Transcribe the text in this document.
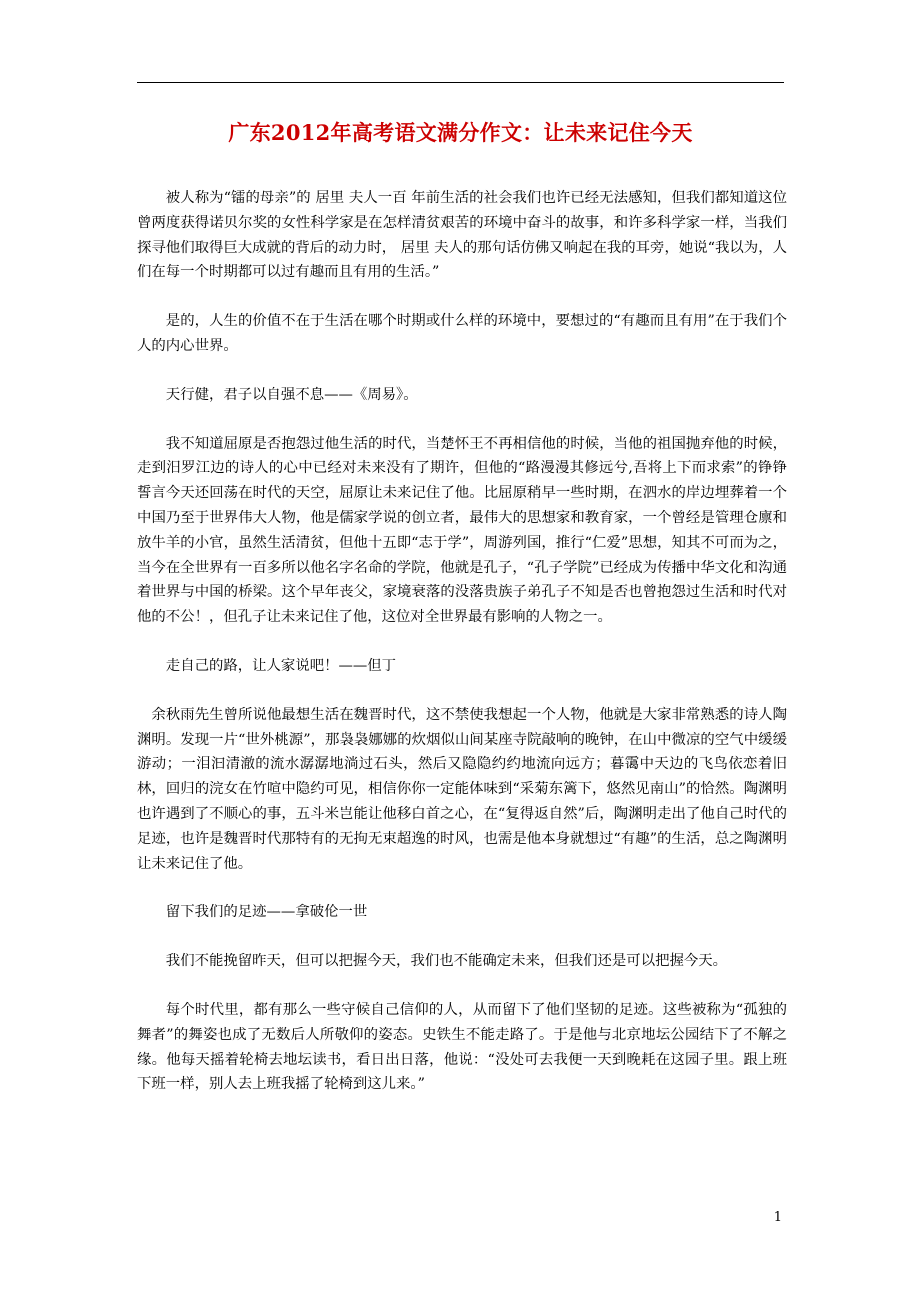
广东2012年高考语文满分作文：让未来记住今天

被人称为“镭的母亲”的 居里 夫人一百 年前生活的社会我们也许已经无法感知，但我们都知道这位曾两度获得诺贝尔奖的女性科学家是在怎样清贫艰苦的环境中奋斗的故事，和许多科学家一样，当我们探寻他们取得巨大成就的背后的动力时， 居里 夫人的那句话仿佛又响起在我的耳旁，她说“我以为，人们在每一个时期都可以过有趣而且有用的生活。”

是的，人生的价值不在于生活在哪个时期或什么样的环境中，要想过的“有趣而且有用”在于我们个人的内心世界。

天行健，君子以自强不息——《周易》。

我不知道屈原是否抱怨过他生活的时代，当楚怀王不再相信他的时候，当他的祖国抛弃他的时候，走到汨罗江边的诗人的心中已经对未来没有了期许，但他的“路漫漫其修远兮,吾将上下而求索”的铮铮誓言今天还回荡在时代的天空，屈原让未来记住了他。比屈原稍早一些时期，在泗水的岸边埋葬着一个中国乃至于世界伟大人物，他是儒家学说的创立者，最伟大的思想家和教育家，一个曾经是管理仓廪和放牛羊的小官，虽然生活清贫，但他十五即“志于学”，周游列国，推行“仁爱”思想，知其不可而为之，当今在全世界有一百多所以他名字名命的学院，他就是孔子，“孔子学院”已经成为传播中华文化和沟通着世界与中国的桥梁。这个早年丧父，家境衰落的没落贵族子弟孔子不知是否也曾抱怨过生活和时代对他的不公！，但孔子让未来记住了他，这位对全世界最有影响的人物之一。

走自己的路，让人家说吧！——但丁

余秋雨先生曾所说他最想生活在魏晋时代，这不禁使我想起一个人物，他就是大家非常熟悉的诗人陶渊明。发现一片“世外桃源”，那袅袅娜娜的炊烟似山间某座寺院敲响的晚钟，在山中微凉的空气中缓缓游动；一泪汩清澈的流水潺潺地淌过石头，然后又隐隐约约地流向远方；暮霭中天边的飞鸟依恋着旧林，回归的浣女在竹喧中隐约可见，相信你你一定能体味到“采菊东篱下，悠然见南山”的恰然。陶渊明也许遇到了不顺心的事，五斗米岂能让他移白首之心，在“复得返自然”后，陶渊明走出了他自己时代的足迹，也许是魏晋时代那特有的无拘无束超逸的时风，也需是他本身就想过“有趣”的生活，总之陶渊明让未来记住了他。

留下我们的足迹——拿破伦一世

我们不能挽留昨天，但可以把握今天，我们也不能确定未来，但我们还是可以把握今天。

每个时代里，都有那么一些守候自己信仰的人，从而留下了他们坚韧的足迹。这些被称为“孤独的舞者”的舞姿也成了无数后人所敬仰的姿态。史铁生不能走路了。于是他与北京地坛公园结下了不解之缘。他每天摇着轮椅去地坛读书，看日出日落，他说：“没处可去我便一天到晚耗在这园子里。跟上班下班一样，别人去上班我摇了轮椅到这儿来。”

1
